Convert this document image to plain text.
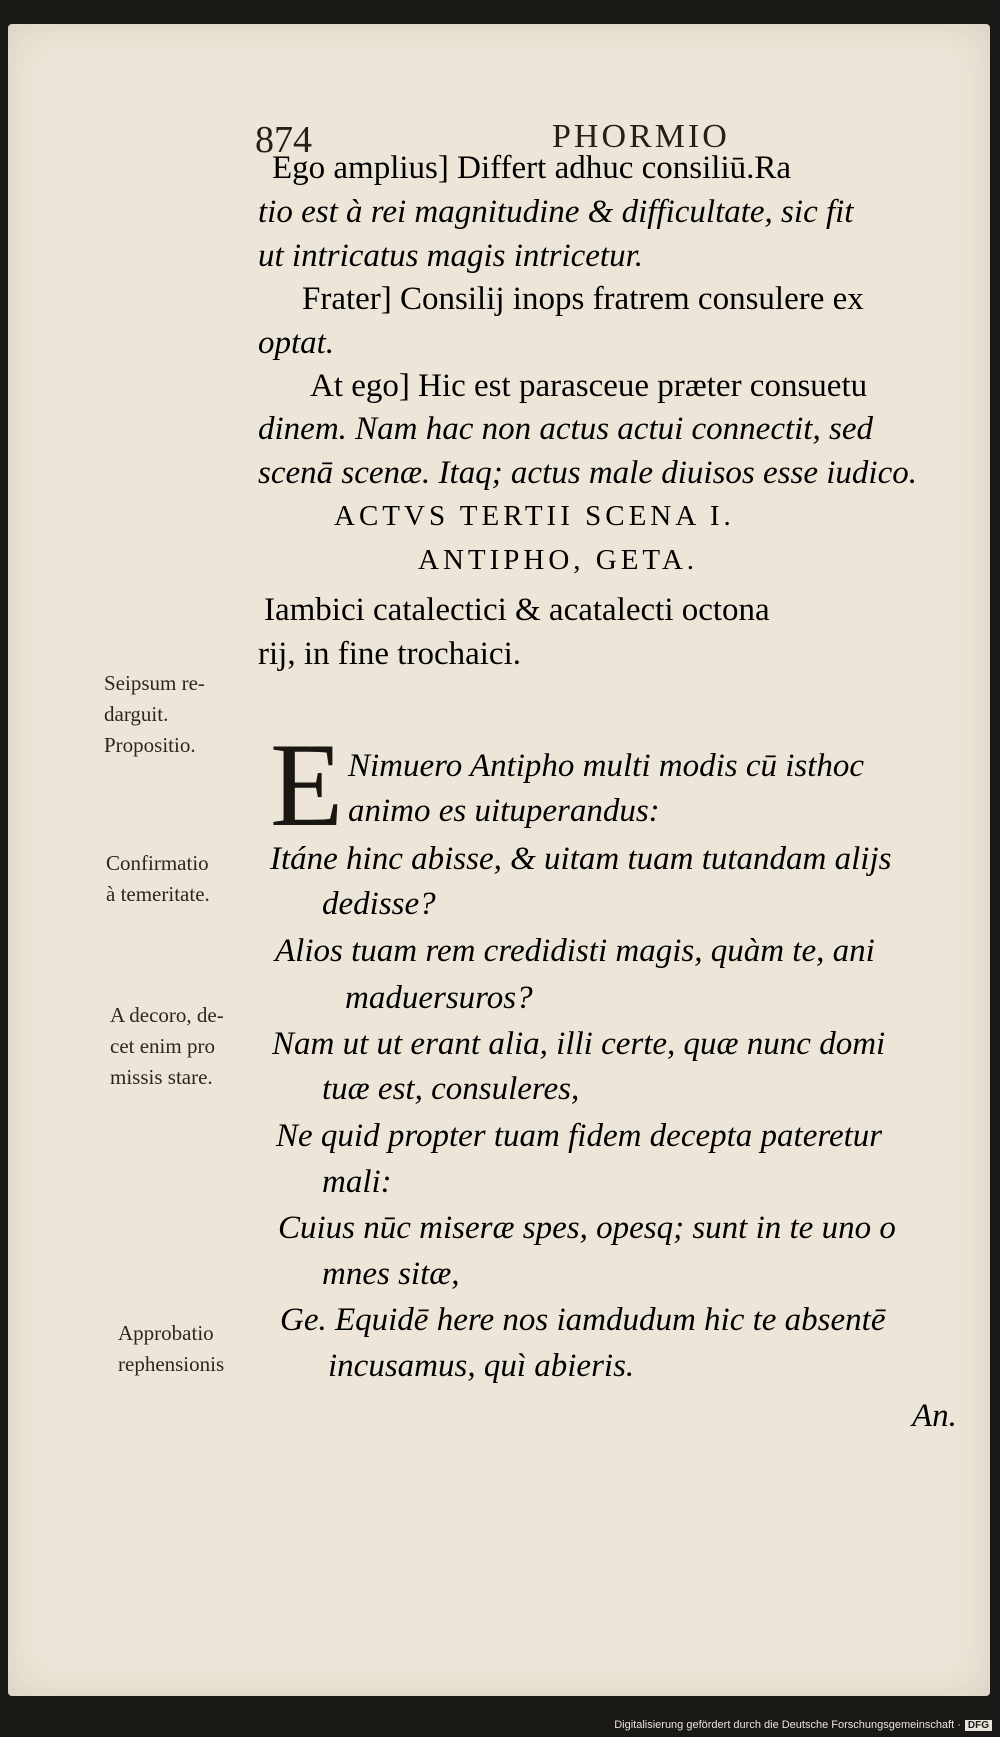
874	PHORMIO
E
Ego amplius] Differt adhuc consiliū.Ra
tio est à rei magnitudine & difficultate, sic fit
ut intricatus magis intricetur.
Frater] Consilij inops fratrem consulere ex
optat.
At ego] Hic est parasceue præter consuetu
dinem. Nam hac non actus actui connectit, sed
scenā scenæ. Itaq; actus male diuisos esse iudico.
ACTVS TERTII SCENA I.
ANTIPHO, GETA.
Iambici catalectici & acatalecti octona
rij, in fine trochaici.
Nimuero Antipho multi modis cū isthoc
animo es uituperandus:
Itáne hinc abisse, & uitam tuam tutandam alijs
dedisse?
Alios tuam rem credidisti magis, quàm te, ani
maduersuros?
Nam ut ut erant alia, illi certe, quæ nunc domi
tuæ est, consuleres,
Ne quid propter tuam fidem decepta pateretur
mali:
Cuius nūc miseræ spes, opesq; sunt in te uno o
mnes sitæ,
Ge. Equidē here nos iamdudum hic te absentē
incusamus, quì abieris.
An.
Seipsum re-
darguit.
Propositio.
Confirmatio
à temeritate.
A decoro, de-
cet enim pro
missis stare.
Approbatio
rephensionis
Digitalisierung gefördert durch die Deutsche Forschungsgemeinschaft · DFG
